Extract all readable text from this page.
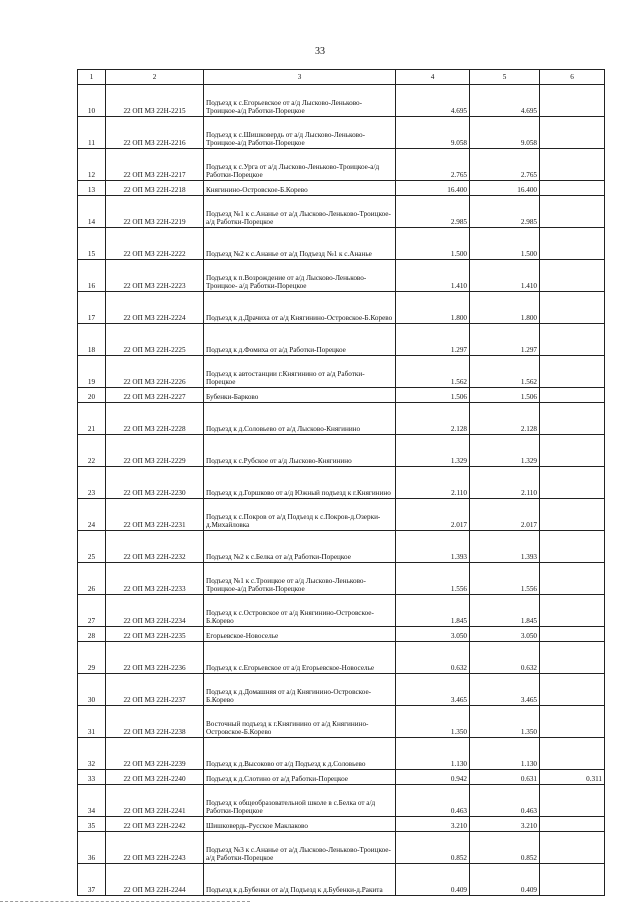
33
1	2	3	4	5	6
10	22 ОП МЗ 22Н-2215	Подъезд к с.Егорьевское от а/д Лысково-Леньково-Троицкое-а/д Работки-Порецкое	4.695	4.695	
11	22 ОП МЗ 22Н-2216	Подъезд к с.Шишковердь от а/д Лысково-Леньково-Троицкое-а/д Работки-Порецкое	9.058	9.058	
12	22 ОП МЗ 22Н-2217	Подъезд к с.Урга от а/д Лысково-Леньково-Троицкое-а/д Работки-Порецкое	2.765	2.765	
13	22 ОП МЗ 22Н-2218	Княгинино-Островское-Б.Корево	16.400	16.400	
14	22 ОП МЗ 22Н-2219	Подъезд №1 к с.Ананье от а/д Лысково-Леньково-Троицкое- а/д Работки-Порецкое	2.985	2.985	
15	22 ОП МЗ 22Н-2222	Подъезд №2 к с.Ананье от а/д Подъезд №1 к с.Ананье	1.500	1.500	
16	22 ОП МЗ 22Н-2223	Подъезд к п.Возрождение от а/д Лысково-Леньково-Троицкое- а/д Работки-Порецкое	1.410	1.410	
17	22 ОП МЗ 22Н-2224	Подъезд к д.Драчиха от а/д Княгинино-Островское-Б.Корево	1.800	1.800	
18	22 ОП МЗ 22Н-2225	Подъезд к д.Фомиха от а/д Работки-Порецкое	1.297	1.297	
19	22 ОП МЗ 22Н-2226	Подъезд к автостанции г.Княгинино от а/д Работки-Порецкое	1.562	1.562	
20	22 ОП МЗ 22Н-2227	Бубенки-Барково	1.506	1.506	
21	22 ОП МЗ 22Н-2228	Подъезд к д.Соловьево от а/д Лысково-Княгинино	2.128	2.128	
22	22 ОП МЗ 22Н-2229	Подъезд к с.Рубское от а/д Лысково-Княгинино	1.329	1.329	
23	22 ОП МЗ 22Н-2230	Подъезд к д.Горшково от а/д Южный подъезд к г.Княгинино	2.110	2.110	
24	22 ОП МЗ 22Н-2231	Подъезд к с.Покров от а/д Подъезд к с.Покров-д.Озерки-д.Михайловка	2.017	2.017	
25	22 ОП МЗ 22Н-2232	Подъезд №2 к с.Белка от а/д Работки-Порецкое	1.393	1.393	
26	22 ОП МЗ 22Н-2233	Подъезд №1 к с.Троицкое от а/д Лысково-Леньково-Троицкое-а/д Работки-Порецкое	1.556	1.556	
27	22 ОП МЗ 22Н-2234	Подъезд к с.Островское от а/д Княгинино-Островское-Б.Корево	1.845	1.845	
28	22 ОП МЗ 22Н-2235	Егорьевское-Новоселье	3.050	3.050	
29	22 ОП МЗ 22Н-2236	Подъезд к с.Егорьевское от а/д Егорьевское-Новоселье	0.632	0.632	
30	22 ОП МЗ 22Н-2237	Подъезд к д.Домашняя от а/д Княгинино-Островское-Б.Корево	3.465	3.465	
31	22 ОП МЗ 22Н-2238	Восточный подъезд к г.Княгинино от а/д Княгинино-Островское-Б.Корево	1.350	1.350	
32	22 ОП МЗ 22Н-2239	Подъезд к д.Высоково от а/д Подъезд к д.Соловьево	1.130	1.130	
33	22 ОП МЗ 22Н-2240	Подъезд к д.Слотино от а/д Работки-Порецкое	0.942	0.631	0.311
34	22 ОП МЗ 22Н-2241	Подъезд к общеобразовательной школе в с.Белка от а/д Работки-Порецкое	0.463	0.463	
35	22 ОП МЗ 22Н-2242	Шишковердь-Русское Маклаково	3.210	3.210	
36	22 ОП МЗ 22Н-2243	Подъезд №3 к с.Ананье от а/д Лысково-Леньково-Троицкое- а/д Работки-Порецкое	0.852	0.852	
37	22 ОП МЗ 22Н-2244	Подъезд к д.Бубенки от а/д Подъезд к д.Бубенки-д.Ракита	0.409	0.409	
